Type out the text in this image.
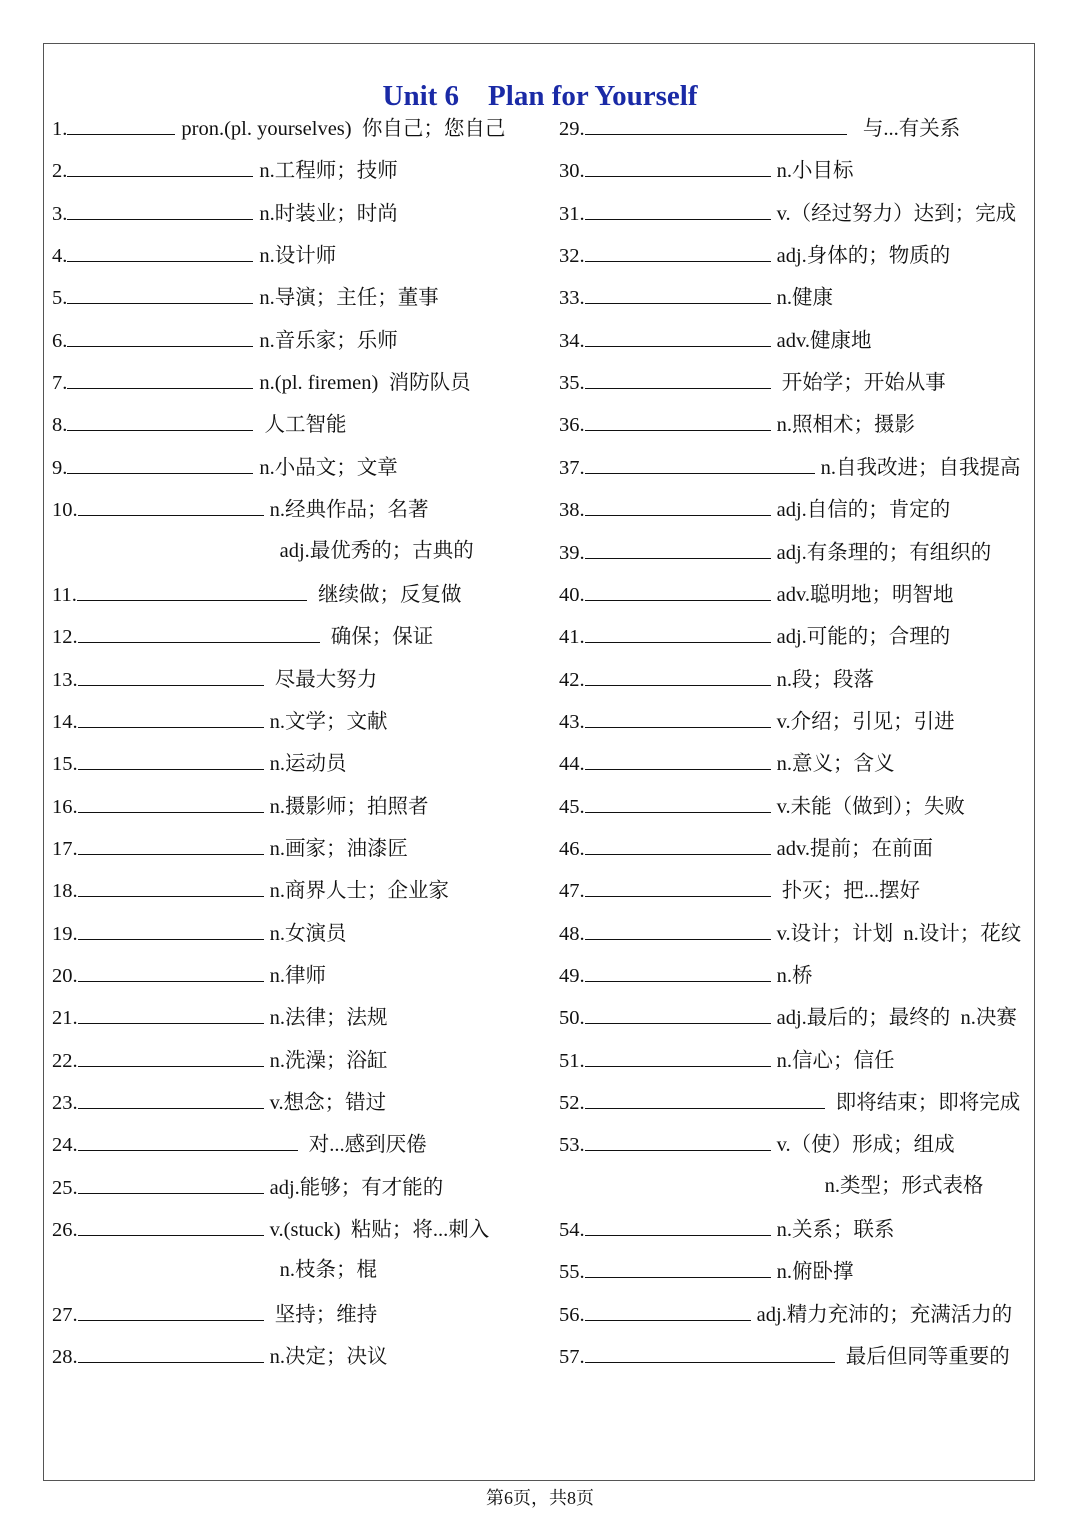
Unit 6    Plan for Yourself
1.	pron.(pl. yourselves)  你自己；您自己
2.	n.工程师；技师
3.	n.时装业；时尚
4.	n.设计师
5.	n.导演；主任；董事
6.	n.音乐家；乐师
7.	n.(pl. firemen)  消防队员
8.	人工智能
9.	n.小品文；文章
10.	n.经典作品；名著
adj.最优秀的；古典的
11.	继续做；反复做
12.	确保；保证
13.	尽最大努力
14.	n.文学；文献
15.	n.运动员
16.	n.摄影师；拍照者
17.	n.画家；油漆匠
18.	n.商界人士；企业家
19.	n.女演员
20.	n.律师
21.	n.法律；法规
22.	n.洗澡；浴缸
23.	v.想念；错过
24.	对...感到厌倦
25.	adj.能够；有才能的
26.	v.(stuck)  粘贴；将...刺入
n.枝条；棍
27.	坚持；维持
28.	n.决定；决议
29.	与...有关系
30.	n.小目标
31.	v.（经过努力）达到；完成
32.	adj.身体的；物质的
33.	n.健康
34.	adv.健康地
35.	开始学；开始从事
36.	n.照相术；摄影
37.	n.自我改进；自我提高
38.	adj.自信的；肯定的
39.	adj.有条理的；有组织的
40.	adv.聪明地；明智地
41.	adj.可能的；合理的
42.	n.段；段落
43.	v.介绍；引见；引进
44.	n.意义；含义
45.	v.未能（做到）；失败
46.	adv.提前；在前面
47.	扑灭；把...摆好
48.	v.设计；计划  n.设计；花纹
49.	n.桥
50.	adj.最后的；最终的  n.决赛
51.	n.信心；信任
52.	即将结束；即将完成
53.	v.（使）形成；组成
n.类型；形式表格
54.	n.关系；联系
55.	n.俯卧撑
56.	adj.精力充沛的；充满活力的
57.	最后但同等重要的
第6页，共8页
